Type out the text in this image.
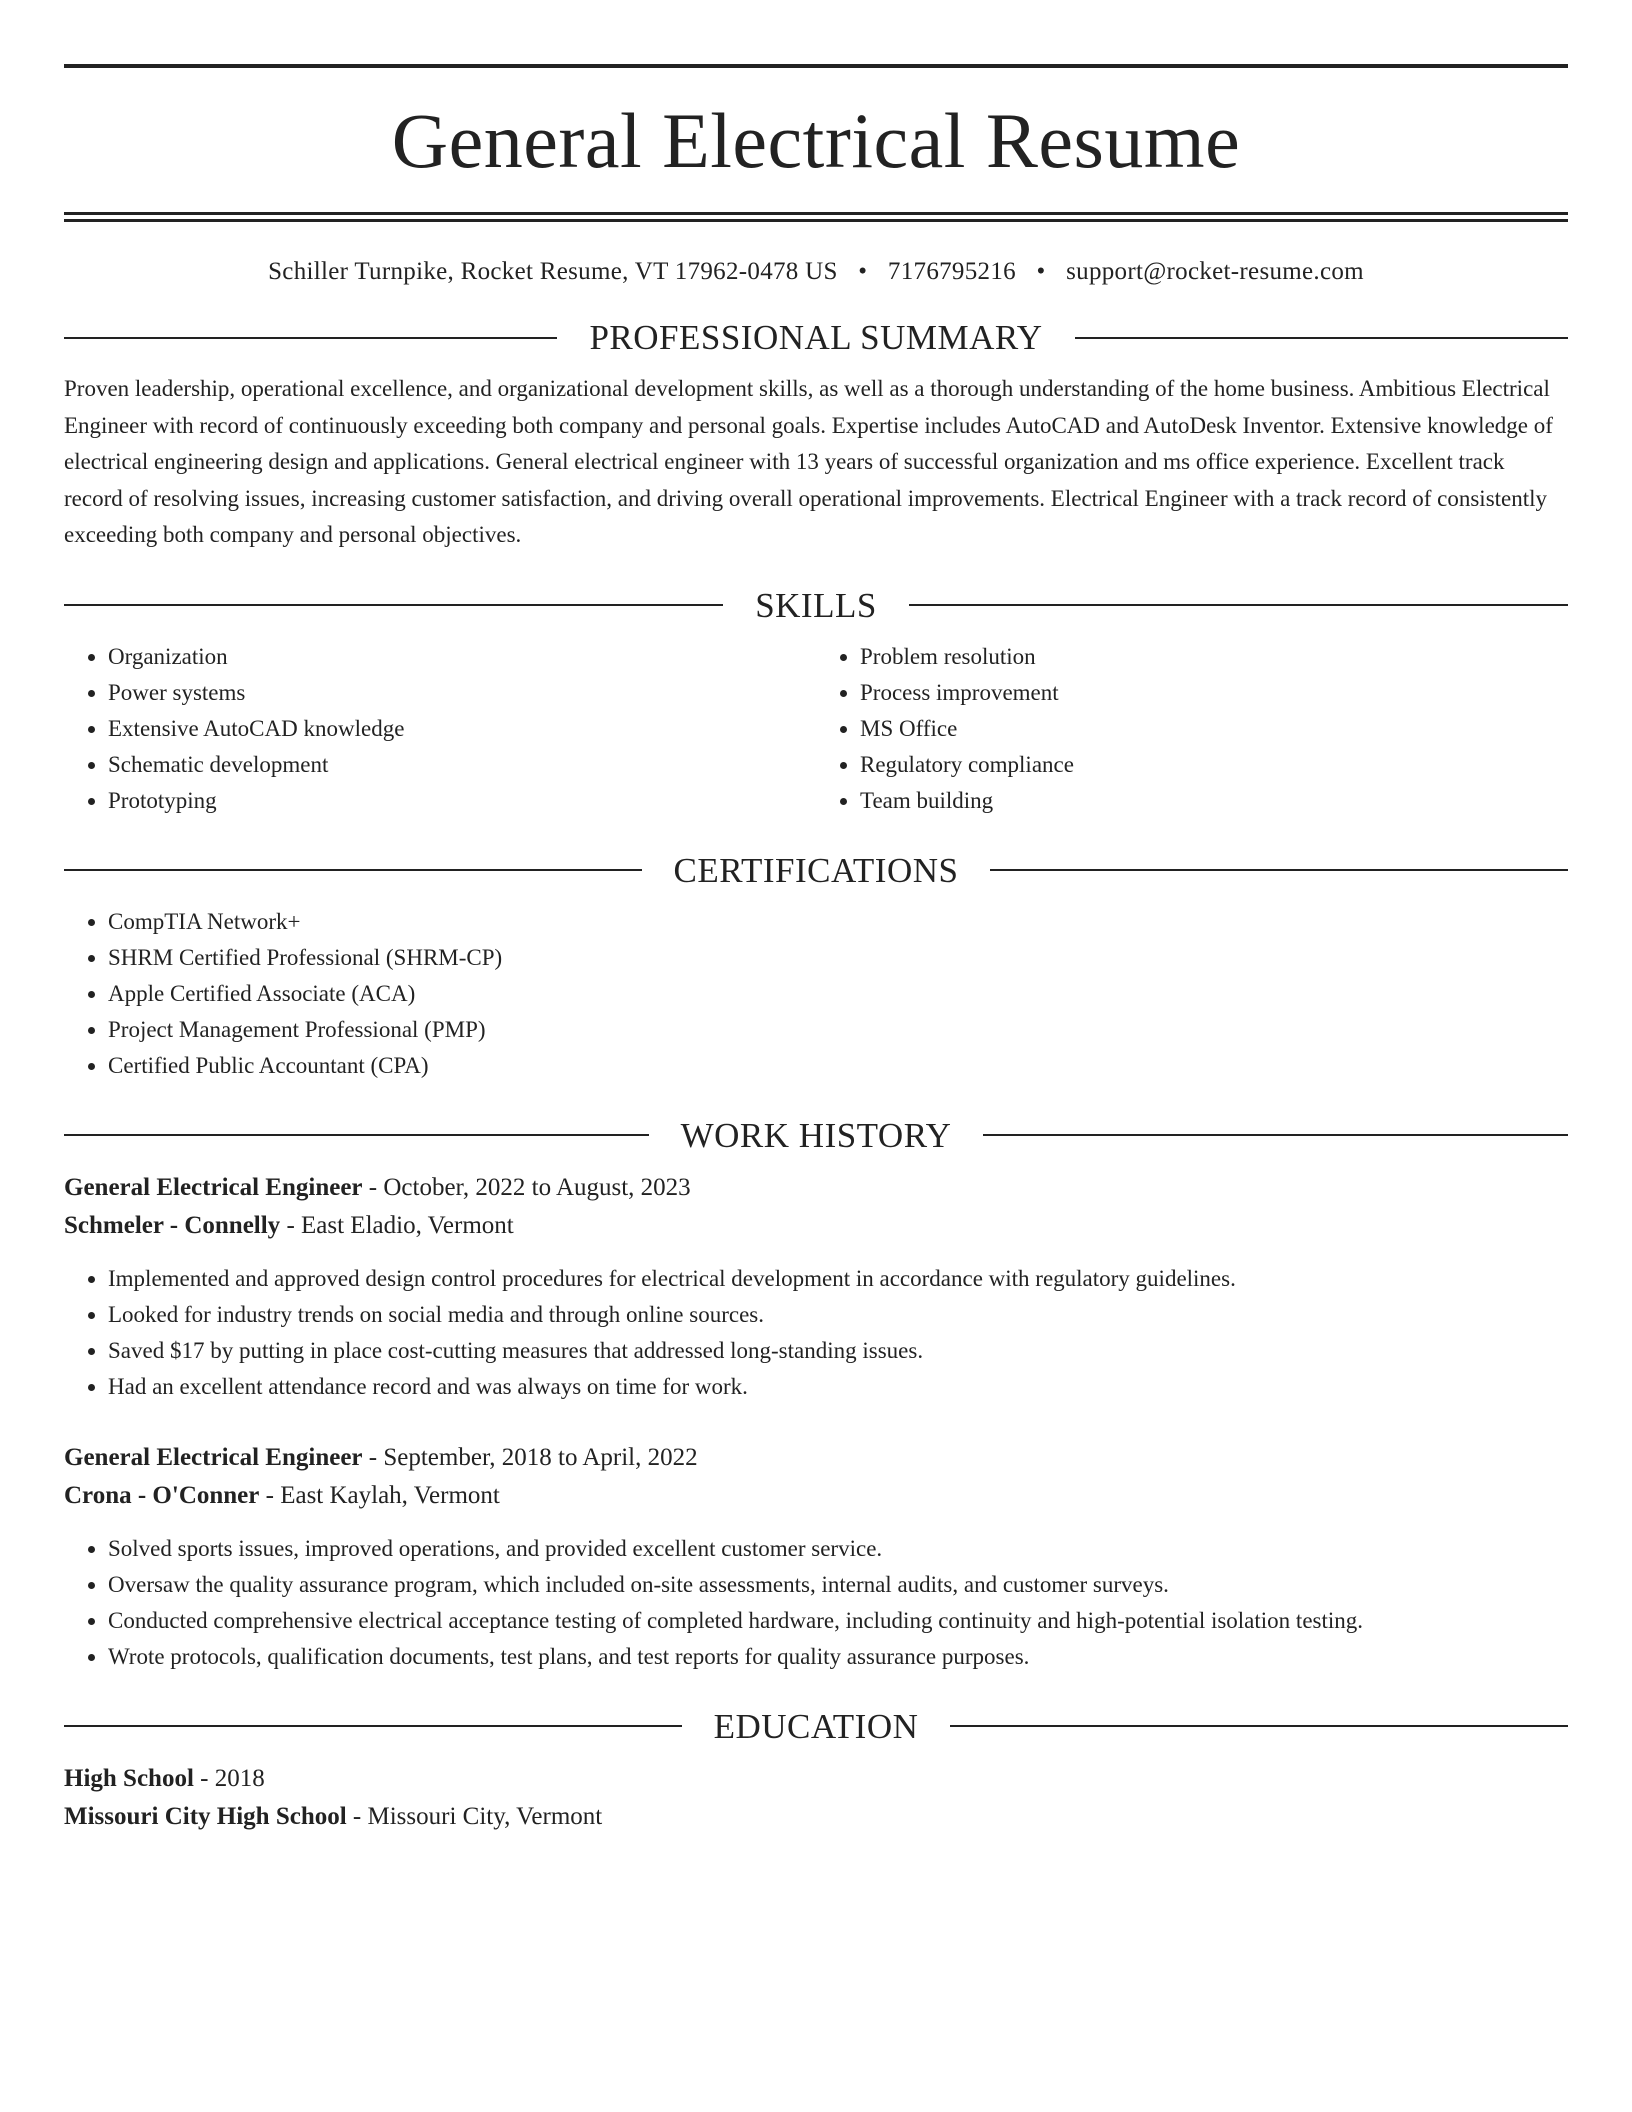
General Electrical Resume
Schiller Turnpike, Rocket Resume, VT 17962-0478 US • 7176795216 • support@rocket-resume.com
PROFESSIONAL SUMMARY

Proven leadership, operational excellence, and organizational development skills, as well as a thorough understanding of the home business. Ambitious Electrical Engineer with record of continuously exceeding both company and personal goals. Expertise includes AutoCAD and AutoDesk Inventor. Extensive knowledge of electrical engineering design and applications. General electrical engineer with 13 years of successful organization and ms office experience. Excellent track record of resolving issues, increasing customer satisfaction, and driving overall operational improvements. Electrical Engineer with a track record of consistently exceeding both company and personal objectives.

SKILLS
• Organization
• Power systems
• Extensive AutoCAD knowledge
• Schematic development
• Prototyping
• Problem resolution
• Process improvement
• MS Office
• Regulatory compliance
• Team building
CERTIFICATIONS
• CompTIA Network+
• SHRM Certified Professional (SHRM-CP)
• Apple Certified Associate (ACA)
• Project Management Professional (PMP)
• Certified Public Accountant (CPA)
WORK HISTORY
General Electrical Engineer - October, 2022 to August, 2023
Schmeler - Connelly - East Eladio, Vermont
• Implemented and approved design control procedures for electrical development in accordance with regulatory guidelines.
• Looked for industry trends on social media and through online sources.
• Saved $17 by putting in place cost-cutting measures that addressed long-standing issues.
• Had an excellent attendance record and was always on time for work.
General Electrical Engineer - September, 2018 to April, 2022
Crona - O'Conner - East Kaylah, Vermont
• Solved sports issues, improved operations, and provided excellent customer service.
• Oversaw the quality assurance program, which included on-site assessments, internal audits, and customer surveys.
• Conducted comprehensive electrical acceptance testing of completed hardware, including continuity and high-potential isolation testing.
• Wrote protocols, qualification documents, test plans, and test reports for quality assurance purposes.
EDUCATION
High School - 2018
Missouri City High School - Missouri City, Vermont
